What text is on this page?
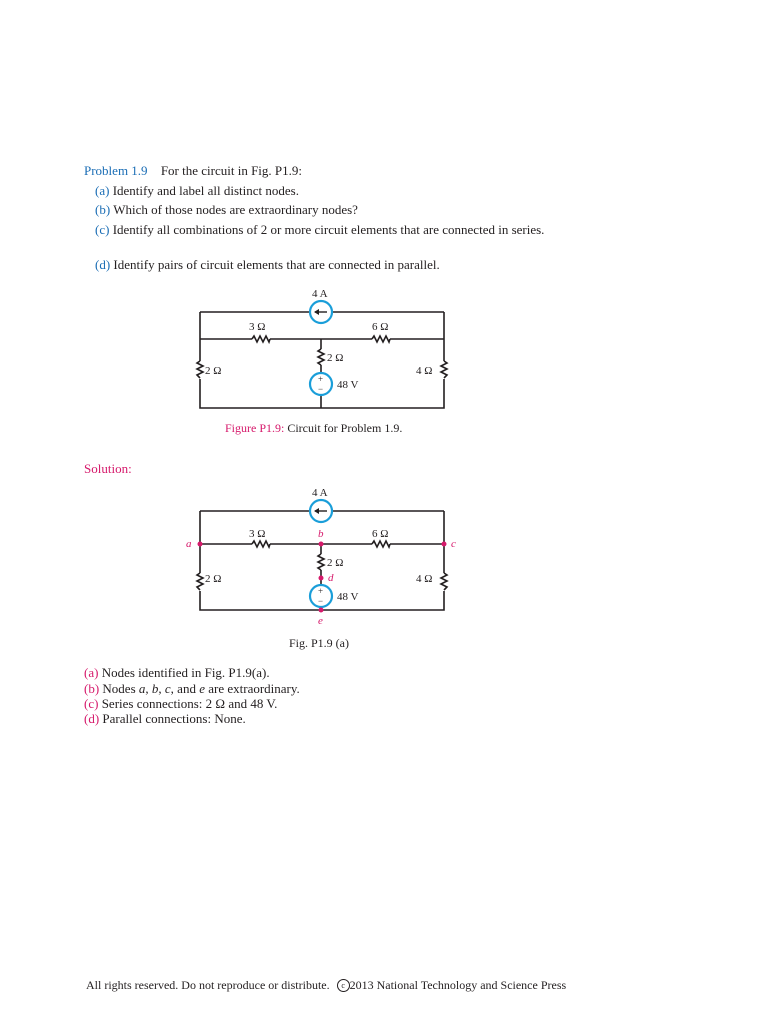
Problem 1.9 For the circuit in Fig. P1.9:
(a) Identify and label all distinct nodes.
(b) Which of those nodes are extraordinary nodes?
(c) Identify all combinations of 2 or more circuit elements that are connected in series.
(d) Identify pairs of circuit elements that are connected in parallel.
+
−
4 A
3 Ω	6 Ω
2 Ω
2 Ω	4 Ω
48 V
Figure P1.9: Circuit for Problem 1.9.
Solution:
+
−
4 A
3 Ω	6 Ω
2 Ω
2 Ω	4 Ω
48 V
a
b
c
d
e
Fig. P1.9 (a)
(a) Nodes identified in Fig. P1.9(a).
(b) Nodes a, b, c, and e are extraordinary.
(c) Series connections: 2 Ω and 48 V.
(d) Parallel connections: None.
All rights reserved. Do not reproduce or distribute. c 2013 National Technology and Science Press
